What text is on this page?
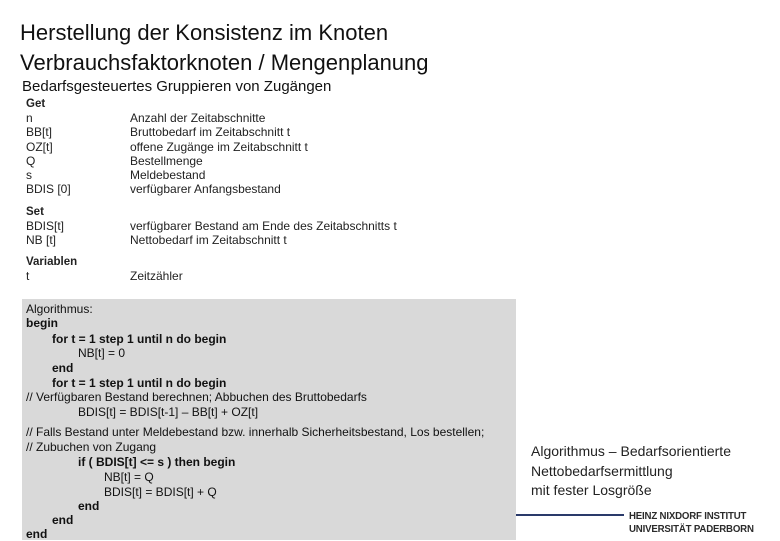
Herstellung der Konsistenz im Knoten
Verbrauchsfaktorknoten / Mengenplanung
Bedarfsgesteuertes Gruppieren von Zugängen
Get
n	Anzahl der Zeitabschnitte
BB[t]	Bruttobedarf im Zeitabschnitt t
OZ[t]	offene Zugänge im Zeitabschnitt t
Q	Bestellmenge
s	Meldebestand
BDIS [0]	verfügbarer Anfangsbestand
Set
BDIS[t]	verfügbarer Bestand am Ende des Zeitabschnitts t
NB [t]	Nettobedarf im Zeitabschnitt t
Variablen
t	Zeitzähler
Algorithmus:
begin
for t = 1 step 1 until n do begin
NB[t] = 0
end
for t = 1 step 1 until n do begin
// Verfügbaren Bestand berechnen; Abbuchen des Bruttobedarfs
BDIS[t] = BDIS[t-1] – BB[t] + OZ[t]
// Falls Bestand unter Meldebestand bzw. innerhalb Sicherheitsbestand, Los bestellen;
// Zubuchen von Zugang
if ( BDIS[t] <= s ) then begin
NB[t] = Q
BDIS[t] = BDIS[t] + Q
end
end
end
Algorithmus – Bedarfsorientierte
Nettobedarfsermittlung
mit fester Losgröße
HEINZ NIXDORF INSTITUT
UNIVERSITÄT PADERBORN
